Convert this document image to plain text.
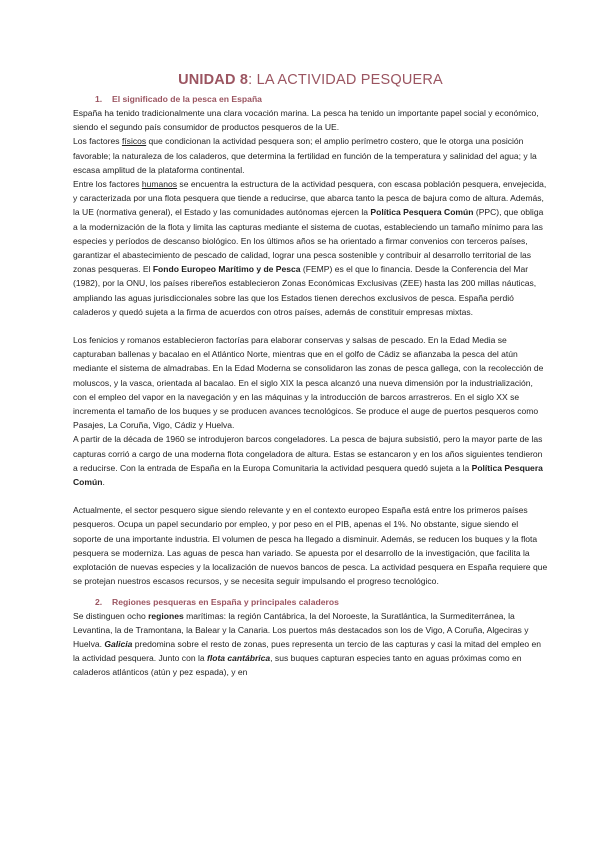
UNIDAD 8: LA ACTIVIDAD PESQUERA
1. El significado de la pesca en España

España ha tenido tradicionalmente una clara vocación marina. La pesca ha tenido un importante papel social y económico, siendo el segundo país consumidor de productos pesqueros de la UE.

Los factores físicos que condicionan la actividad pesquera son; el amplio perímetro costero, que le otorga una posición favorable; la naturaleza de los caladeros, que determina la fertilidad en función de la temperatura y salinidad del agua; y la escasa amplitud de la plataforma continental.

Entre los factores humanos se encuentra la estructura de la actividad pesquera, con escasa población pesquera, envejecida, y caracterizada por una flota pesquera que tiende a reducirse, que abarca tanto la pesca de bajura como de altura. Además, la UE (normativa general), el Estado y las comunidades autónomas ejercen la Política Pesquera Común (PPC), que obliga a la modernización de la flota y limita las capturas mediante el sistema de cuotas, estableciendo un tamaño mínimo para las especies y períodos de descanso biológico. En los últimos años se ha orientado a firmar convenios con terceros países, garantizar el abastecimiento de pescado de calidad, lograr una pesca sostenible y contribuir al desarrollo territorial de las zonas pesqueras. El Fondo Europeo Marítimo y de Pesca (FEMP) es el que lo financia. Desde la Conferencia del Mar (1982), por la ONU, los países ribereños establecieron Zonas Económicas Exclusivas (ZEE) hasta las 200 millas náuticas, ampliando las aguas jurisdiccionales sobre las que los Estados tienen derechos exclusivos de pesca. España perdió caladeros y quedó sujeta a la firma de acuerdos con otros países, además de constituir empresas mixtas.

Los fenicios y romanos establecieron factorías para elaborar conservas y salsas de pescado. En la Edad Media se capturaban ballenas y bacalao en el Atlántico Norte, mientras que en el golfo de Cádiz se afianzaba la pesca del atún mediante el sistema de almadrabas. En la Edad Moderna se consolidaron las zonas de pesca gallega, con la recolección de moluscos, y la vasca, orientada al bacalao. En el siglo XIX la pesca alcanzó una nueva dimensión por la industrialización, con el empleo del vapor en la navegación y en las máquinas y la introducción de barcos arrastreros. En el siglo XX se incrementa el tamaño de los buques y se producen avances tecnológicos. Se produce el auge de puertos pesqueros como Pasajes, La Coruña, Vigo, Cádiz y Huelva.

A partir de la década de 1960 se introdujeron barcos congeladores. La pesca de bajura subsistió, pero la mayor parte de las capturas corrió a cargo de una moderna flota congeladora de altura. Estas se estancaron y en los años siguientes tendieron a reducirse. Con la entrada de España en la Europa Comunitaria la actividad pesquera quedó sujeta a la Política Pesquera Común.

Actualmente, el sector pesquero sigue siendo relevante y en el contexto europeo España está entre los primeros países pesqueros. Ocupa un papel secundario por empleo, y por peso en el PIB, apenas el 1%. No obstante, sigue siendo el soporte de una importante industria. El volumen de pesca ha llegado a disminuir. Además, se reducen los buques y la flota pesquera se moderniza. Las aguas de pesca han variado. Se apuesta por el desarrollo de la investigación, que facilita la explotación de nuevas especies y la localización de nuevos bancos de pesca. La actividad pesquera en España requiere que se protejan nuestros escasos recursos, y se necesita seguir impulsando el progreso tecnológico.

2. Regiones pesqueras en España y principales caladeros

Se distinguen ocho regiones marítimas: la región Cantábrica, la del Noroeste, la Suratlántica, la Surmediterránea, la Levantina, la de Tramontana, la Balear y la Canaria. Los puertos más destacados son los de Vigo, A Coruña, Algeciras y Huelva. Galicia predomina sobre el resto de zonas, pues representa un tercio de las capturas y casi la mitad del empleo en la actividad pesquera. Junto con la flota cantábrica, sus buques capturan especies tanto en aguas próximas como en caladeros atlánticos (atún y pez espada), y en
